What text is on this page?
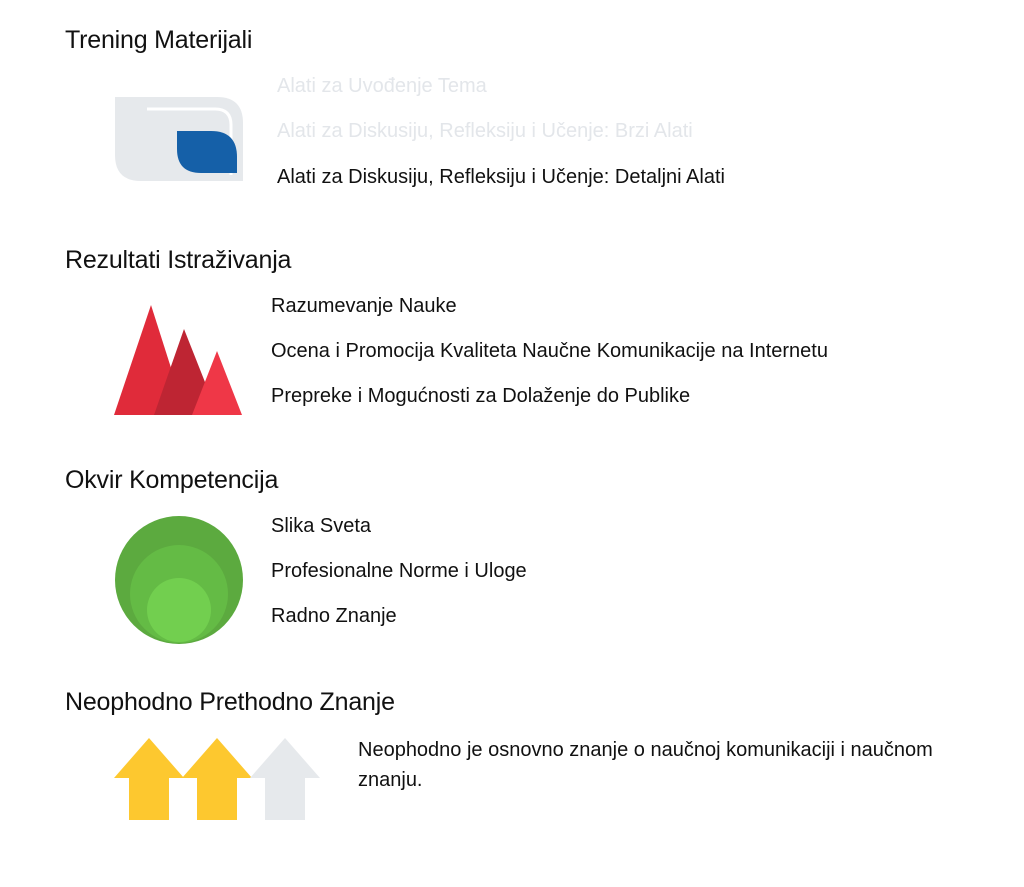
Trening Materijali
Alati za Uvođenje Tema
Alati za Diskusiju, Refleksiju i Učenje: Brzi Alati
Alati za Diskusiju, Refleksiju i Učenje: Detaljni Alati
Rezultati Istraživanja
Razumevanje Nauke
Ocena i Promocija Kvaliteta Naučne Komunikacije na Internetu
Prepreke i Mogućnosti za Dolaženje do Publike
Okvir Kompetencija
Slika Sveta
Profesionalne Norme i Uloge
Radno Znanje
Neophodno Prethodno Znanje
Neophodno je osnovno znanje o naučnoj komunikaciji i naučnom znanju.
